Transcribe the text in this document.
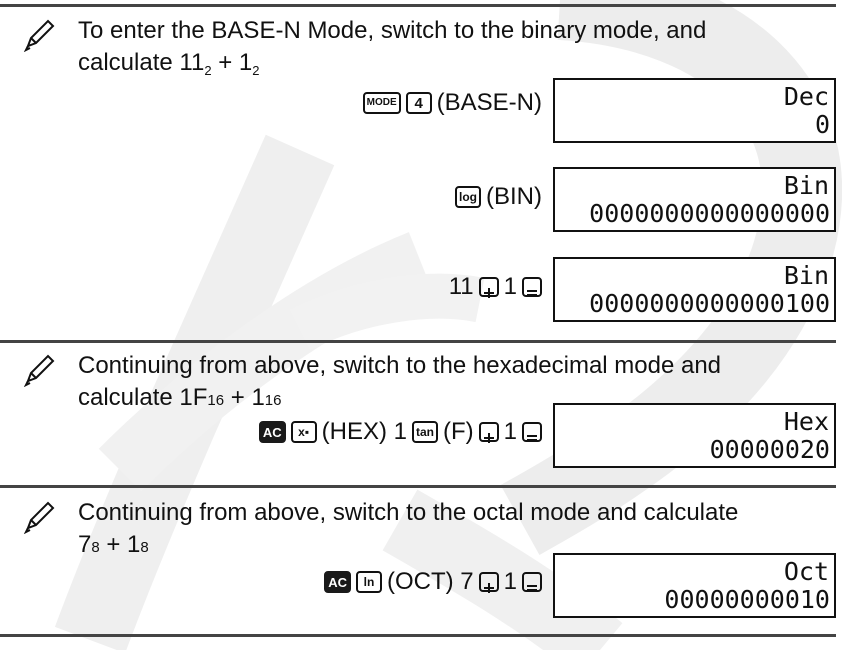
To enter the BASE-N Mode, switch to the binary mode, and
calculate $11_2 + 1_2$
MODE	4 (BASE-N)	Dec
0
log (BIN)	Bin
0000000000000000
11 1	Bin
0000000000000100
Continuing from above, switch to the hexadecimal mode and
calculate 1F16 + 116
AC	x▪ (HEX) 1 tan (F) 1	Hex
00000020
Continuing from above, switch to the octal mode and calculate
78 + 18
AC	ln (OCT) 7 1	Oct
00000000010
